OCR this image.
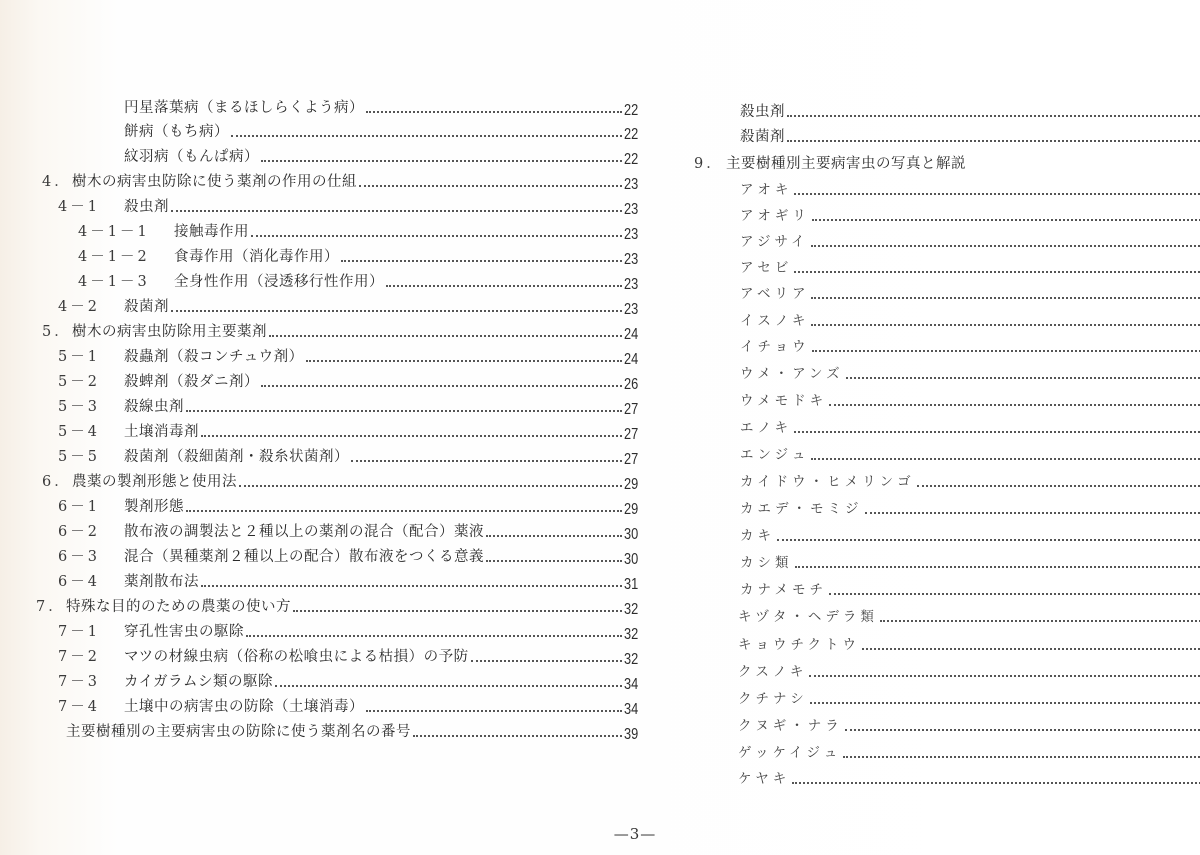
円星落葉病（まるほしらくよう病）	22
餅病（もち病）	22
紋羽病（もんぱ病）	22
4． 樹木の病害虫防除に使う薬剤の作用の仕組	23
4－1	殺虫剤	23
4－1－1	接触毒作用	23
4－1－2	食毒作用（消化毒作用）	23
4－1－3	全身性作用（浸透移行性作用）	23
4－2	殺菌剤	23
5． 樹木の病害虫防除用主要薬剤	24
5－1	殺蟲剤（殺コンチュウ剤）	24
5－2	殺蜱剤（殺ダニ剤）	26
5－3	殺線虫剤	27
5－4	土壌消毒剤	27
5－5	殺菌剤（殺細菌剤・殺糸状菌剤）	27
6． 農薬の製剤形態と使用法	29
6－1	製剤形態	29
6－2	散布液の調製法と２種以上の薬剤の混合（配合）薬液	30
6－3	混合（異種薬剤２種以上の配合）散布液をつくる意義	30
6－4	薬剤散布法	31
7． 特殊な目的のための農薬の使い方	32
7－1	穿孔性害虫の駆除	32
7－2	マツの材線虫病（俗称の松喰虫による枯損）の予防	32
7－3	カイガラムシ類の駆除	34
7－4	土壌中の病害虫の防除（土壌消毒）	34
主要樹種別の主要病害虫の防除に使う薬剤名の番号	39
殺虫剤
殺菌剤
9． 主要樹種別主要病害虫の写真と解説
アオキ
アオギリ
アジサイ
アセビ
アベリア
イスノキ
イチョウ
ウメ・アンズ
ウメモドキ
エノキ
エンジュ
カイドウ・ヒメリンゴ
カエデ・モミジ
カキ
カシ類
カナメモチ
キヅタ・ヘデラ類
キョウチクトウ
クスノキ
クチナシ
クヌギ・ナラ
ゲッケイジュ
ケヤキ
—3—
